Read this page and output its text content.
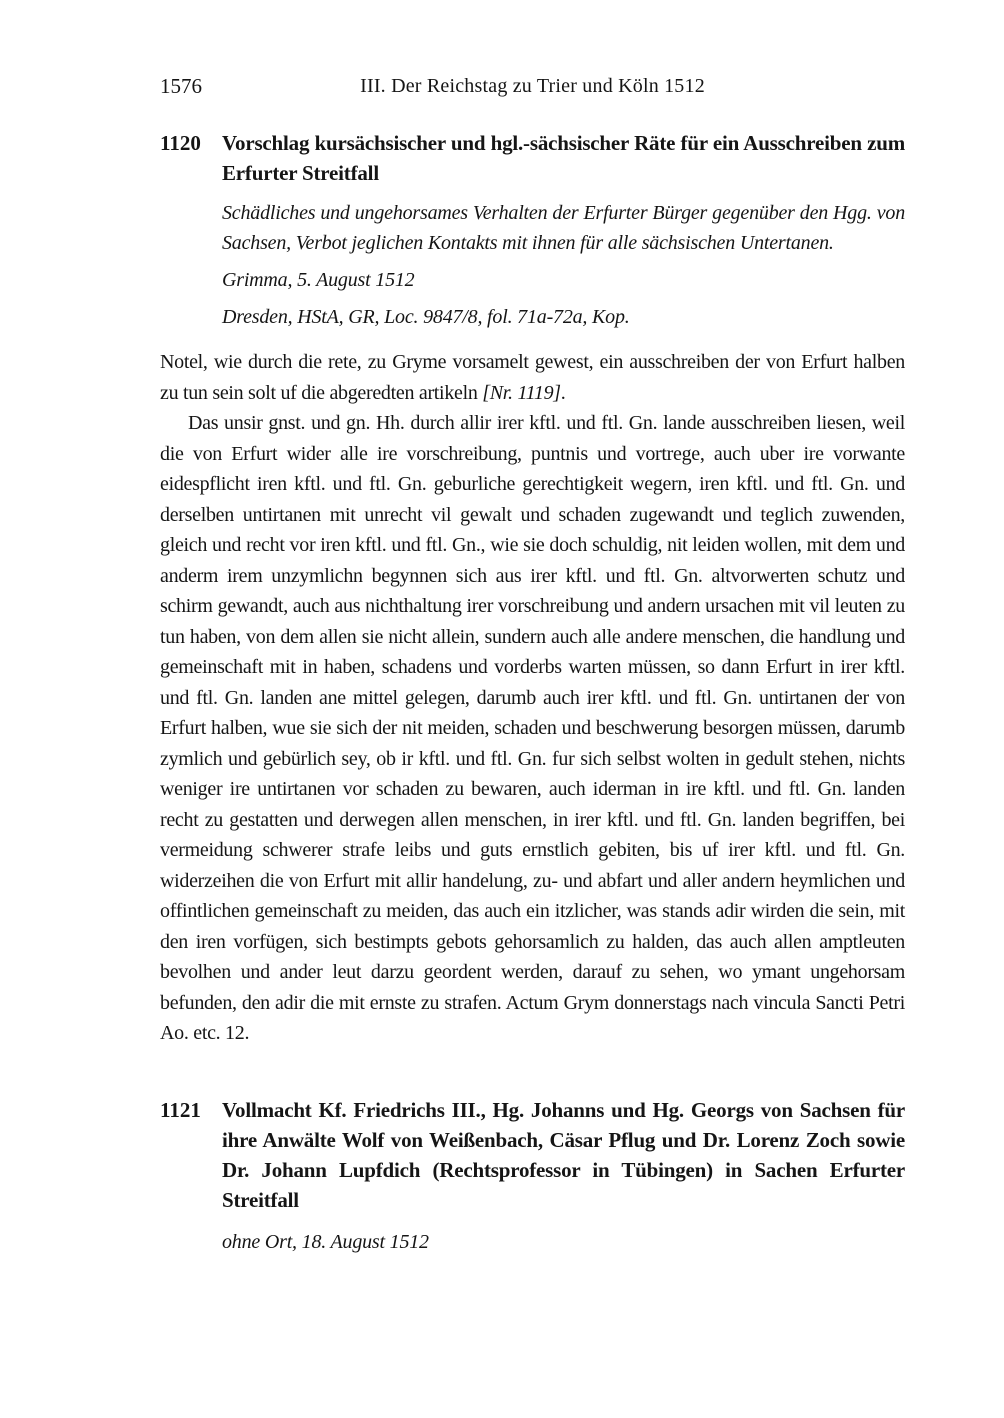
1576	III. Der Reichstag zu Trier und Köln 1512
1120	Vorschlag kursächsischer und hgl.-sächsischer Räte für ein Ausschreiben zum Erfurter Streitfall
Schädliches und ungehorsames Verhalten der Erfurter Bürger gegenüber den Hgg. von Sachsen, Verbot jeglichen Kontakts mit ihnen für alle sächsischen Untertanen.
Grimma, 5. August 1512
Dresden, HStA, GR, Loc. 9847/8, fol. 71a-72a, Kop.

Notel, wie durch die rete, zu Gryme vorsamelt gewest, ein ausschreiben der von Erfurt halben zu tun sein solt uf die abgeredten artikeln [Nr. 1119].

Das unsir gnst. und gn. Hh. durch allir irer kftl. und ftl. Gn. lande ausschreiben liesen, weil die von Erfurt wider alle ire vorschreibung, puntnis und vortrege, auch uber ire vorwante eidespflicht iren kftl. und ftl. Gn. geburliche gerechtigkeit wegern, iren kftl. und ftl. Gn. und derselben untirtanen mit unrecht vil gewalt und schaden zugewandt und teglich zuwenden, gleich und recht vor iren kftl. und ftl. Gn., wie sie doch schuldig, nit leiden wollen, mit dem und anderm irem unzymlichn begynnen sich aus irer kftl. und ftl. Gn. altvorwerten schutz und schirm gewandt, auch aus nichthaltung irer vorschreibung und andern ursachen mit vil leuten zu tun haben, von dem allen sie nicht allein, sundern auch alle andere menschen, die handlung und gemeinschaft mit in haben, schadens und vorderbs warten müssen, so dann Erfurt in irer kftl. und ftl. Gn. landen ane mittel gelegen, darumb auch irer kftl. und ftl. Gn. untirtanen der von Erfurt halben, wue sie sich der nit meiden, schaden und beschwerung besorgen müssen, darumb zymlich und gebürlich sey, ob ir kftl. und ftl. Gn. fur sich selbst wolten in gedult stehen, nichts weniger ire untirtanen vor schaden zu bewaren, auch iderman in ire kftl. und ftl. Gn. landen recht zu gestatten und derwegen allen menschen, in irer kftl. und ftl. Gn. landen begriffen, bei vermeidung schwerer strafe leibs und guts ernstlich gebiten, bis uf irer kftl. und ftl. Gn. widerzeihen die von Erfurt mit allir handelung, zu- und abfart und aller andern heymlichen und offintlichen gemeinschaft zu meiden, das auch ein itzlicher, was stands adir wirden die sein, mit den iren vorfügen, sich bestimpts gebots gehorsamlich zu halden, das auch allen amptleuten bevolhen und ander leut darzu geordent werden, darauf zu sehen, wo ymant ungehorsam befunden, den adir die mit ernste zu strafen. Actum Grym donnerstags nach vincula Sancti Petri Ao. etc. 12.

1121	Vollmacht Kf. Friedrichs III., Hg. Johanns und Hg. Georgs von Sachsen für ihre Anwälte Wolf von Weißenbach, Cäsar Pflug und Dr. Lorenz Zoch sowie Dr. Johann Lupfdich (Rechtsprofessor in Tübingen) in Sachen Erfurter Streitfall
ohne Ort, 18. August 1512
